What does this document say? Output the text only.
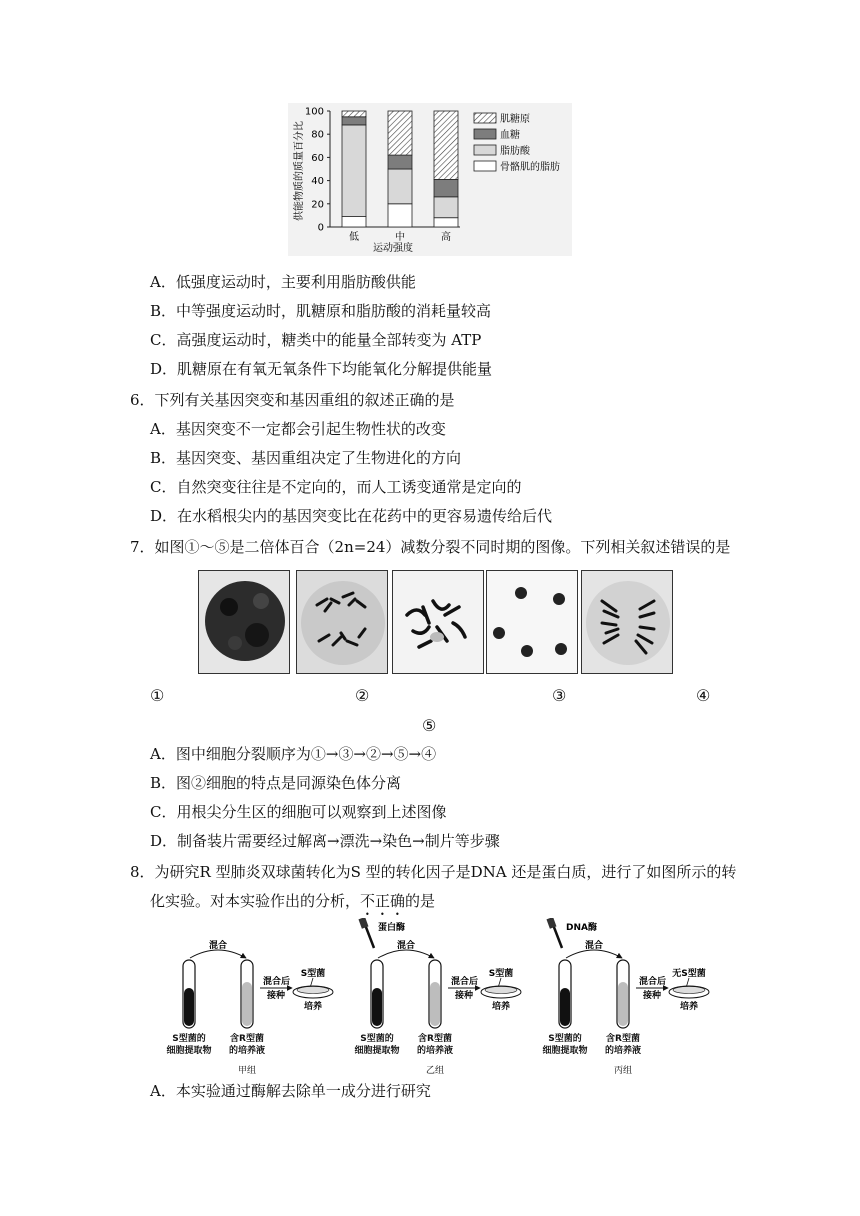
供能物质的质量百分比
0
20
40
60
80
100
低	中	高
运动强度
肌糖原
血糖
脂肪酸
骨骼肌的脂肪
A．低强度运动时，主要利用脂肪酸供能
B．中等强度运动时，肌糖原和脂肪酸的消耗量较高
C．高强度运动时，糖类中的能量全部转变为 ATP
D．肌糖原在有氧无氧条件下均能氧化分解提供能量
6．下列有关基因突变和基因重组的叙述正确的是
A．基因突变不一定都会引起生物性状的改变
B．基因突变、基因重组决定了生物进化的方向
C．自然突变往往是不定向的，而人工诱变通常是定向的
D．在水稻根尖内的基因突变比在花药中的更容易遗传给后代
7．如图①～⑤是二倍体百合（2n=24）减数分裂不同时期的图像。下列相关叙述错误的是
①	②	③	④
⑤
A．图中细胞分裂顺序为①→③→②→⑤→④
B．图②细胞的特点是同源染色体分离
C．用根尖分生区的细胞可以观察到上述图像
D．制备装片需要经过解离→漂洗→染色→制片等步骤
8．为研究R 型肺炎双球菌转化为S 型的转化因子是DNA 还是蛋白质，进行了如图所示的转
化实验。对本实验作出的分析，不正确的是
混合
混合后
接种
S型菌
培养
S型菌的
细胞提取物
含R型菌
的培养液
甲组
混合
蛋白酶
混合后
接种
S型菌
培养
S型菌的
细胞提取物
含R型菌
的培养液
乙组
混合
DNA酶
混合后
接种
无S型菌
培养
S型菌的
细胞提取物
含R型菌
的培养液
丙组
A．本实验通过酶解去除单一成分进行研究
